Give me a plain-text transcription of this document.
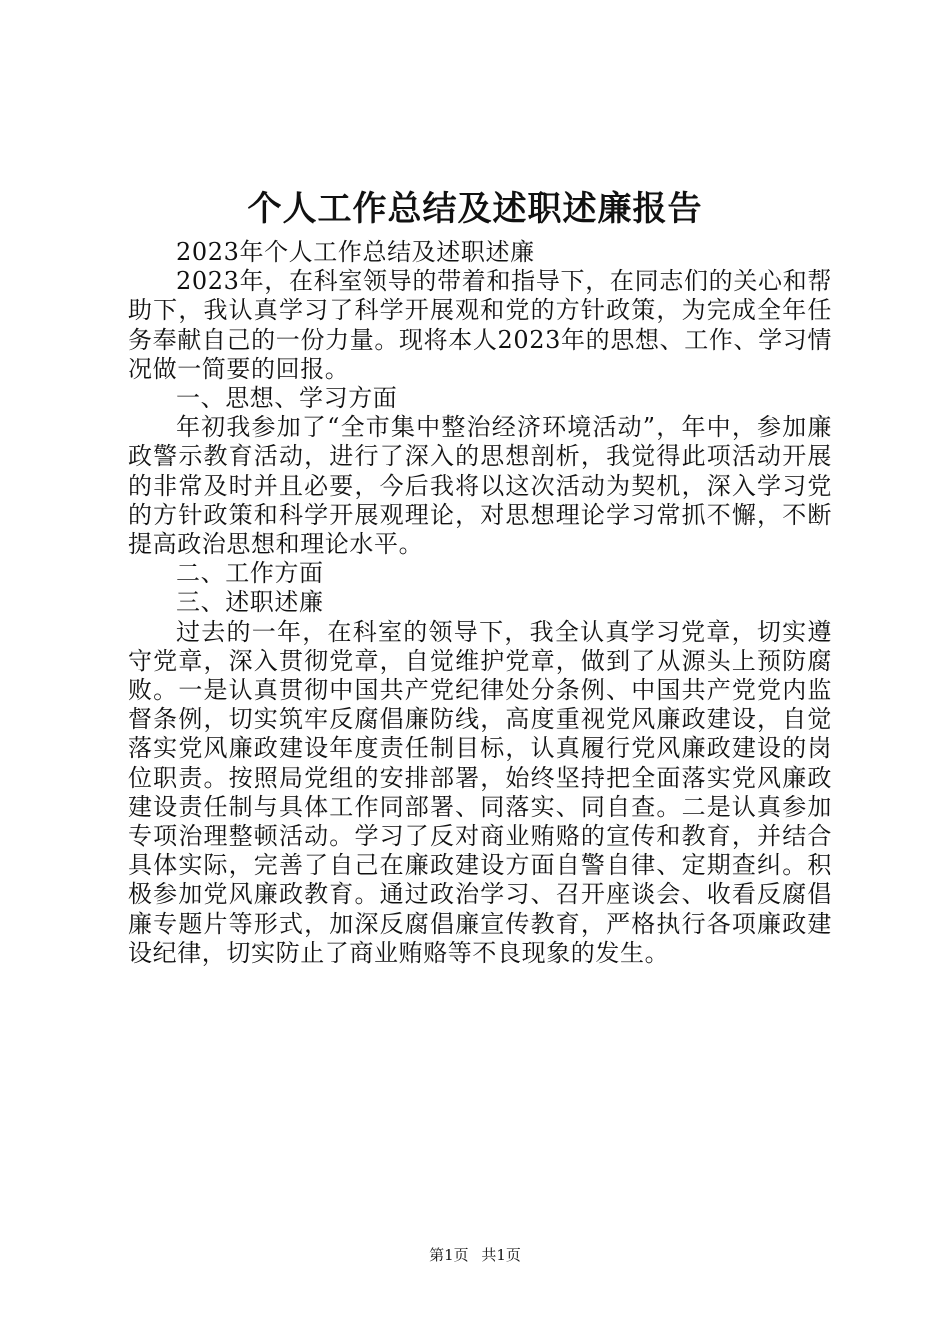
个人工作总结及述职述廉报告

2023年个人工作总结及述职述廉

2023年，在科室领导的带着和指导下，在同志们的关心和帮助下，我认真学习了科学开展观和党的方针政策，为完成全年任务奉献自己的一份力量。现将本人2023年的思想、工作、学习情况做一简要的回报。

一、思想、学习方面

年初我参加了“全市集中整治经济环境活动”，年中，参加廉政警示教育活动，进行了深入的思想剖析，我觉得此项活动开展的非常及时并且必要，今后我将以这次活动为契机，深入学习党的方针政策和科学开展观理论，对思想理论学习常抓不懈，不断提高政治思想和理论水平。

二、工作方面

三、述职述廉

过去的一年，在科室的领导下，我全认真学习党章，切实遵守党章，深入贯彻党章，自觉维护党章，做到了从源头上预防腐败。一是认真贯彻中国共产党纪律处分条例、中国共产党党内监督条例，切实筑牢反腐倡廉防线，高度重视党风廉政建设，自觉落实党风廉政建设年度责任制目标，认真履行党风廉政建设的岗位职责。按照局党组的安排部署，始终坚持把全面落实党风廉政建设责任制与具体工作同部署、同落实、同自查。二是认真参加专项治理整顿活动。学习了反对商业贿赂的宣传和教育，并结合具体实际，完善了自己在廉政建设方面自警自律、定期查纠。积极参加党风廉政教育。通过政治学习、召开座谈会、收看反腐倡廉专题片等形式，加深反腐倡廉宣传教育，严格执行各项廉政建设纪律，切实防止了商业贿赂等不良现象的发生。

第1页 共1页
